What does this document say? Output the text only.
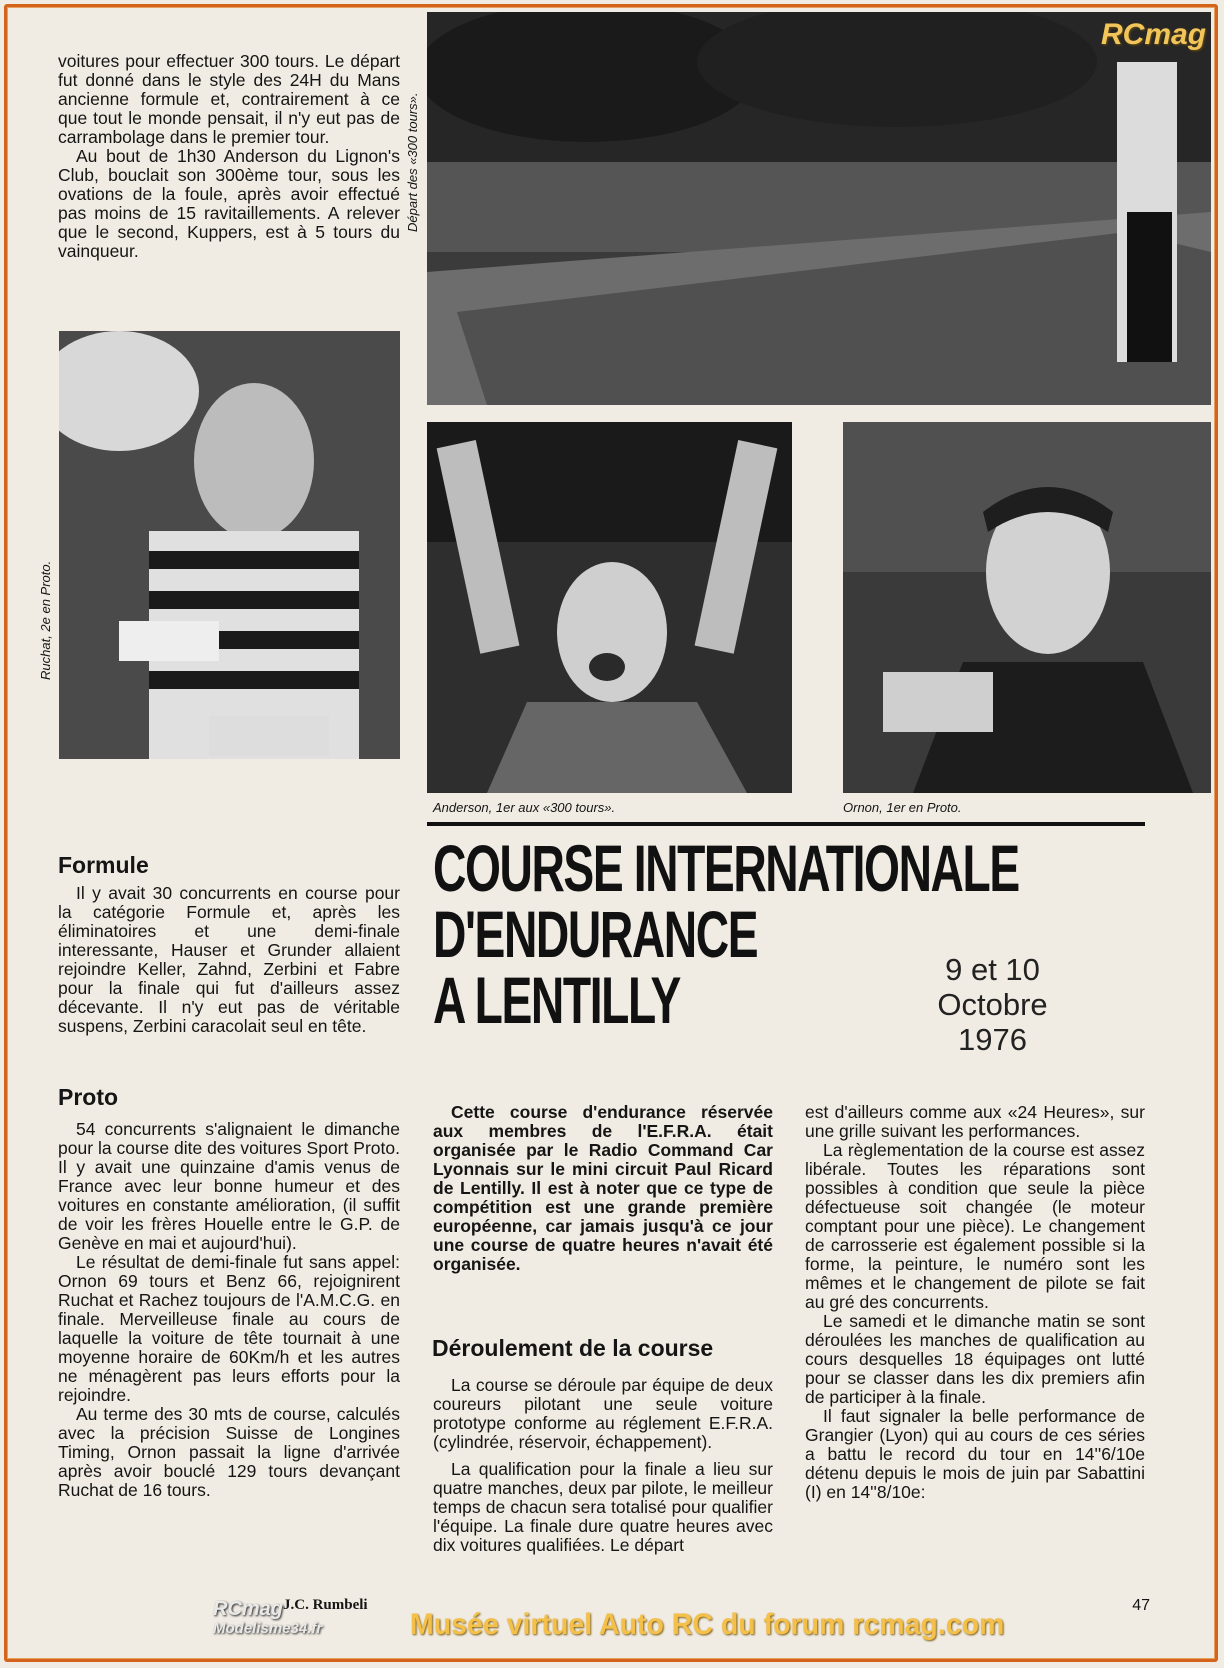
voitures pour effectuer 300 tours. Le départ fut donné dans le style des 24H du Mans ancienne formule et, contrairement à ce que tout le monde pensait, il n'y eut pas de carrambolage dans le premier tour.

Au bout de 1h30 Anderson du Lignon's Club, bouclait son 300ème tour, sous les ovations de la foule, après avoir effectué pas moins de 15 ravitaillements. A relever que le second, Kuppers, est à 5 tours du vainqueur.

Départ des «300 tours».
Ruchat, 2e en Proto.
Anderson, 1er aux «300 tours».	Ornon, 1er en Proto.
COURSE INTERNATIONALE
D'ENDURANCE
A LENTILLY	9 et 10
Octobre
1976
Formule

Il y avait 30 concurrents en course pour la catégorie Formule et, après les éliminatoires et une demi-finale interessante, Hauser et Grunder allaient rejoindre Keller, Zahnd, Zerbini et Fabre pour la finale qui fut d'ailleurs assez décevante. Il n'y eut pas de véritable suspens, Zerbini caracolait seul en tête.

Proto

54 concurrents s'alignaient le dimanche pour la course dite des voitures Sport Proto. Il y avait une quinzaine d'amis venus de France avec leur bonne humeur et des voitures en constante amélioration, (il suffit de voir les frères Houelle entre le G.P. de Genève en mai et aujourd'hui).

Le résultat de demi-finale fut sans appel: Ornon 69 tours et Benz 66, rejoignirent Ruchat et Rachez toujours de l'A.M.C.G. en finale. Merveilleuse finale au cours de laquelle la voiture de tête tournait à une moyenne horaire de 60Km/h et les autres ne ménagèrent pas leurs efforts pour la rejoindre.

Au terme des 30 mts de course, calculés avec la précision Suisse de Longines Timing, Ornon passait la ligne d'arrivée après avoir bouclé 129 tours devançant Ruchat de 16 tours.

J.C. Rumbeli

Cette course d'endurance réservée aux membres de l'E.F.R.A. était organisée par le Radio Command Car Lyonnais sur le mini circuit Paul Ricard de Lentilly. Il est à noter que ce type de compétition est une grande première européenne, car jamais jusqu'à ce jour une course de quatre heures n'avait été organisée.

Déroulement de la course

La course se déroule par équipe de deux coureurs pilotant une seule voiture prototype conforme au réglement E.F.R.A. (cylindrée, réservoir, échappement).

La qualification pour la finale a lieu sur quatre manches, deux par pilote, le meilleur temps de chacun sera totalisé pour qualifier l'équipe. La finale dure quatre heures avec dix voitures qualifiées. Le départ

est d'ailleurs comme aux «24 Heures», sur une grille suivant les performances.

La règlementation de la course est assez libérale. Toutes les réparations sont possibles à condition que seule la pièce défectueuse soit changée (le moteur comptant pour une pièce). Le changement de carrosserie est également possible si la forme, la peinture, le numéro sont les mêmes et le changement de pilote se fait au gré des concurrents.

Le samedi et le dimanche matin se sont déroulées les manches de qualification au cours desquelles 18 équipages ont lutté pour se classer dans les dix premiers afin de participer à la finale.

Il faut signaler la belle performance de Grangier (Lyon) qui au cours de ces séries a battu le record du tour en 14''6/10e détenu depuis le mois de juin par Sabattini (I) en 14''8/10e:

47
RCmag
RCmag
Modelisme34.fr	Musée virtuel Auto RC du forum rcmag.com
